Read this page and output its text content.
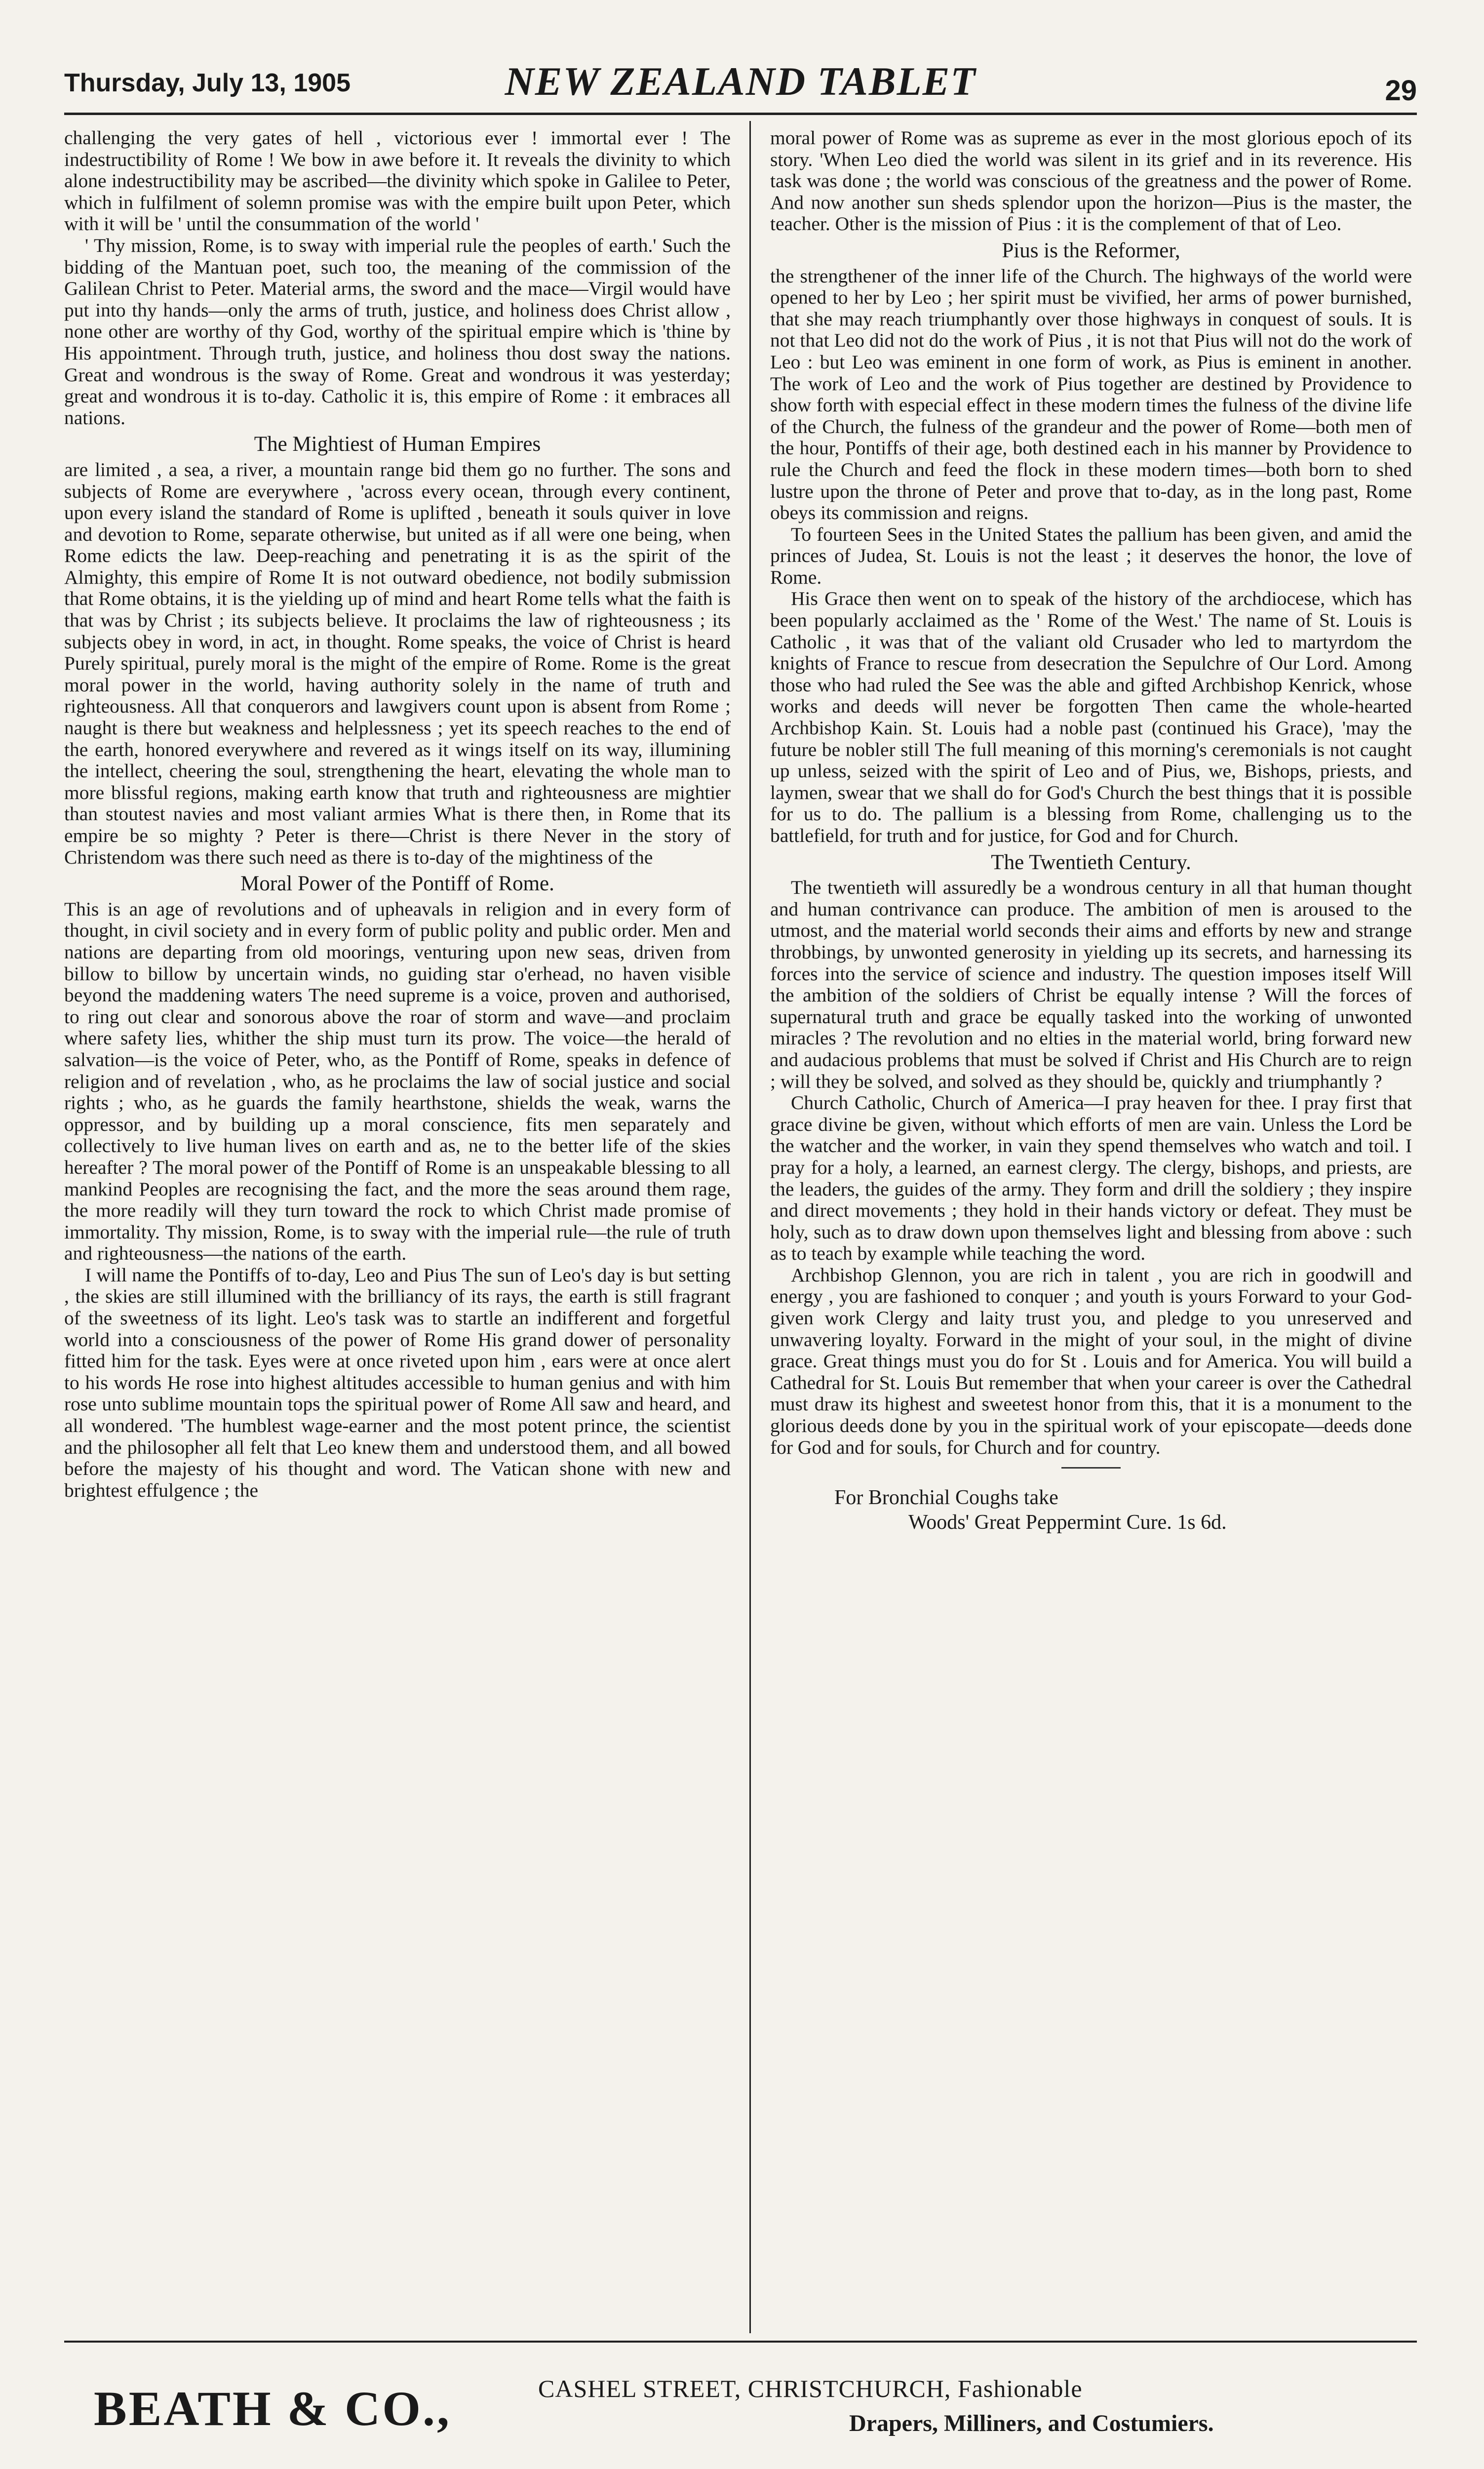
Thursday, July 13, 1905	NEW ZEALAND TABLET	29

challenging the very gates of hell , victorious ever ! immortal ever ! The indestructibility of Rome ! We bow in awe before it. It reveals the divinity to which alone indestructibility may be ascribed—the divinity which spoke in Galilee to Peter, which in fulfilment of solemn promise was with the empire built upon Peter, which with it will be ' until the consummation of the world '

' Thy mission, Rome, is to sway with imperial rule the peoples of earth.' Such the bidding of the Mantuan poet, such too, the meaning of the commission of the Galilean Christ to Peter. Material arms, the sword and the mace—Virgil would have put into thy hands—only the arms of truth, justice, and holiness does Christ allow , none other are worthy of thy God, worthy of the spiritual empire which is 'thine by His appointment. Through truth, justice, and holiness thou dost sway the nations. Great and wondrous is the sway of Rome. Great and wondrous it was yesterday; great and wondrous it is to-day. Catholic it is, this empire of Rome : it embraces all nations.

The Mightiest of Human Empires

are limited , a sea, a river, a mountain range bid them go no further. The sons and subjects of Rome are everywhere , 'across every ocean, through every continent, upon every island the standard of Rome is uplifted , beneath it souls quiver in love and devotion to Rome, separate otherwise, but united as if all were one being, when Rome edicts the law. Deep-reaching and penetrating it is as the spirit of the Almighty, this empire of Rome It is not outward obedience, not bodily submission that Rome obtains, it is the yielding up of mind and heart Rome tells what the faith is that was by Christ ; its subjects believe. It proclaims the law of righteousness ; its subjects obey in word, in act, in thought. Rome speaks, the voice of Christ is heard Purely spiritual, purely moral is the might of the empire of Rome. Rome is the great moral power in the world, having authority solely in the name of truth and righteousness. All that conquerors and lawgivers count upon is absent from Rome ; naught is there but weakness and helplessness ; yet its speech reaches to the end of the earth, honored everywhere and revered as it wings itself on its way, illumining the intellect, cheering the soul, strengthening the heart, elevating the whole man to more blissful regions, making earth know that truth and righteousness are mightier than stoutest navies and most valiant armies What is there then, in Rome that its empire be so mighty ? Peter is there—Christ is there Never in the story of Christendom was there such need as there is to-day of the mightiness of the

Moral Power of the Pontiff of Rome.

This is an age of revolutions and of upheavals in religion and in every form of thought, in civil society and in every form of public polity and public order. Men and nations are departing from old moorings, venturing upon new seas, driven from billow to billow by uncertain winds, no guiding star o'erhead, no haven visible beyond the maddening waters The need supreme is a voice, proven and authorised, to ring out clear and sonorous above the roar of storm and wave—and proclaim where safety lies, whither the ship must turn its prow. The voice—the herald of salvation—is the voice of Peter, who, as the Pontiff of Rome, speaks in defence of religion and of revelation , who, as he proclaims the law of social justice and social rights ; who, as he guards the family hearthstone, shields the weak, warns the oppressor, and by building up a moral conscience, fits men separately and collectively to live human lives on earth and as, ne to the better life of the skies hereafter ? The moral power of the Pontiff of Rome is an unspeakable blessing to all mankind Peoples are recognising the fact, and the more the seas around them rage, the more readily will they turn toward the rock to which Christ made promise of immortality. Thy mission, Rome, is to sway with the imperial rule—the rule of truth and righteousness—the nations of the earth.

I will name the Pontiffs of to-day, Leo and Pius The sun of Leo's day is but setting , the skies are still illumined with the brilliancy of its rays, the earth is still fragrant of the sweetness of its light. Leo's task was to startle an indifferent and forgetful world into a consciousness of the power of Rome His grand dower of personality fitted him for the task. Eyes were at once riveted upon him , ears were at once alert to his words He rose into highest altitudes accessible to human genius and with him rose unto sublime mountain tops the spiritual power of Rome All saw and heard, and all wondered. 'The humblest wage-earner and the most potent prince, the scientist and the philosopher all felt that Leo knew them and understood them, and all bowed before the majesty of his thought and word. The Vatican shone with new and brightest effulgence ; the

moral power of Rome was as supreme as ever in the most glorious epoch of its story. 'When Leo died the world was silent in its grief and in its reverence. His task was done ; the world was conscious of the greatness and the power of Rome. And now another sun sheds splendor upon the horizon—Pius is the master, the teacher. Other is the mission of Pius : it is the complement of that of Leo.

Pius is the Reformer,

the strengthener of the inner life of the Church. The highways of the world were opened to her by Leo ; her spirit must be vivified, her arms of power burnished, that she may reach triumphantly over those highways in conquest of souls. It is not that Leo did not do the work of Pius , it is not that Pius will not do the work of Leo : but Leo was eminent in one form of work, as Pius is eminent in another. The work of Leo and the work of Pius together are destined by Providence to show forth with especial effect in these modern times the fulness of the divine life of the Church, the fulness of the grandeur and the power of Rome—both men of the hour, Pontiffs of their age, both destined each in his manner by Providence to rule the Church and feed the flock in these modern times—both born to shed lustre upon the throne of Peter and prove that to-day, as in the long past, Rome obeys its commission and reigns.

To fourteen Sees in the United States the pallium has been given, and amid the princes of Judea, St. Louis is not the least ; it deserves the honor, the love of Rome.

His Grace then went on to speak of the history of the archdiocese, which has been popularly acclaimed as the ' Rome of the West.' The name of St. Louis is Catholic , it was that of the valiant old Crusader who led to martyrdom the knights of France to rescue from desecration the Sepulchre of Our Lord. Among those who had ruled the See was the able and gifted Archbishop Kenrick, whose works and deeds will never be forgotten Then came the whole-hearted Archbishop Kain. St. Louis had a noble past (continued his Grace), 'may the future be nobler still The full meaning of this morning's ceremonials is not caught up unless, seized with the spirit of Leo and of Pius, we, Bishops, priests, and laymen, swear that we shall do for God's Church the best things that it is possible for us to do. The pallium is a blessing from Rome, challenging us to the battlefield, for truth and for justice, for God and for Church.

The Twentieth Century.

The twentieth will assuredly be a wondrous century in all that human thought and human contrivance can produce. The ambition of men is aroused to the utmost, and the material world seconds their aims and efforts by new and strange throbbings, by unwonted generosity in yielding up its secrets, and harnessing its forces into the service of science and industry. The question imposes itself Will the ambition of the soldiers of Christ be equally intense ? Will the forces of supernatural truth and grace be equally tasked into the working of unwonted miracles ? The revolution and no elties in the material world, bring forward new and audacious problems that must be solved if Christ and His Church are to reign ; will they be solved, and solved as they should be, quickly and triumphantly ?

Church Catholic, Church of America—I pray heaven for thee. I pray first that grace divine be given, without which efforts of men are vain. Unless the Lord be the watcher and the worker, in vain they spend themselves who watch and toil. I pray for a holy, a learned, an earnest clergy. The clergy, bishops, and priests, are the leaders, the guides of the army. They form and drill the soldiery ; they inspire and direct movements ; they hold in their hands victory or defeat. They must be holy, such as to draw down upon themselves light and blessing from above : such as to teach by example while teaching the word.

Archbishop Glennon, you are rich in talent , you are rich in goodwill and energy , you are fashioned to conquer ; and youth is yours Forward to your God-given work Clergy and laity trust you, and pledge to you unreserved and unwavering loyalty. Forward in the might of your soul, in the might of divine grace. Great things must you do for St . Louis and for America. You will build a Cathedral for St. Louis But remember that when your career is over the Cathedral must draw its highest and sweetest honor from this, that it is a monument to the glorious deeds done by you in the spiritual work of your episcopate—deeds done for God and for souls, for Church and for country.

For Bronchial Coughs take
Woods' Great Peppermint Cure. 1s 6d.
BEATH & CO.,	CASHEL STREET, CHRISTCHURCH, Fashionable
Drapers, Milliners, and Costumiers.
